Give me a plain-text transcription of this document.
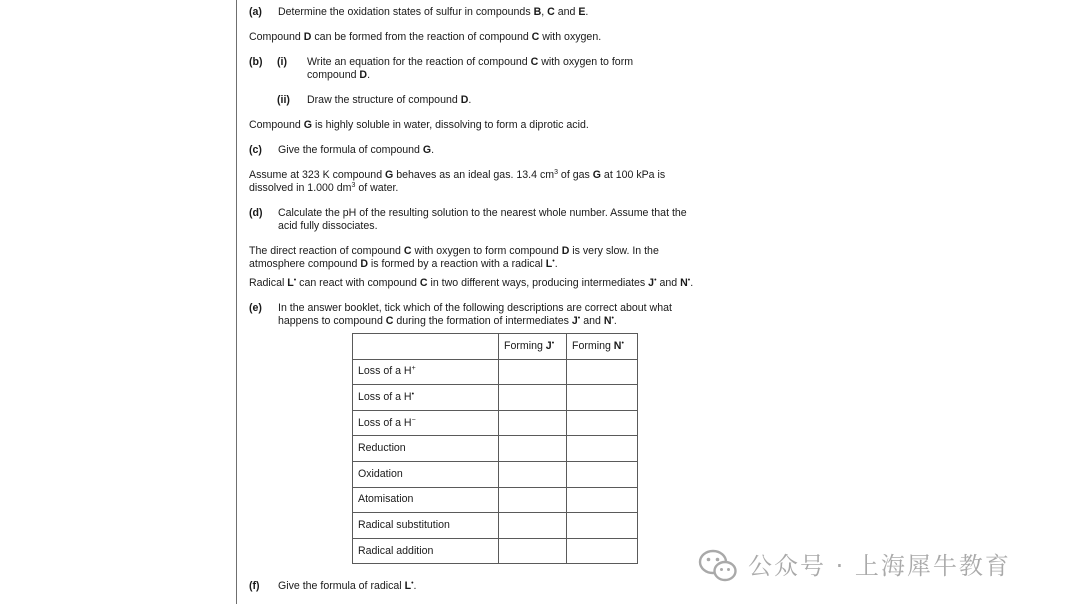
(a) Determine the oxidation states of sulfur in compounds B, C and E.
Compound D can be formed from the reaction of compound C with oxygen.
(b) (i) Write an equation for the reaction of compound C with oxygen to form
compound D.
(ii) Draw the structure of compound D.
Compound G is highly soluble in water, dissolving to form a diprotic acid.
(c) Give the formula of compound G.
Assume at 323 K compound G behaves as an ideal gas. 13.4 $cm^3$ of gas G at 100 kPa is
dissolved in 1.000 $dm^3$ of water.
(d) Calculate the pH of the resulting solution to the nearest whole number. Assume that the
acid fully dissociates.
The direct reaction of compound C with oxygen to form compound D is very slow. In the
atmosphere compound D is formed by a reaction with a radical L•.
Radical L• can react with compound C in two different ways, producing intermediates J• and N•.
(e) In the answer booklet, tick which of the following descriptions are correct about what
happens to compound C during the formation of intermediates J• and N•.
	Forming J•	Forming N•
Loss of a H+		
Loss of a H•		
Loss of a H−		
Reduction		
Oxidation		
Atomisation		
Radical substitution		
Radical addition		
(f) Give the formula of radical L•.
公众号 · 上海犀牛教育
